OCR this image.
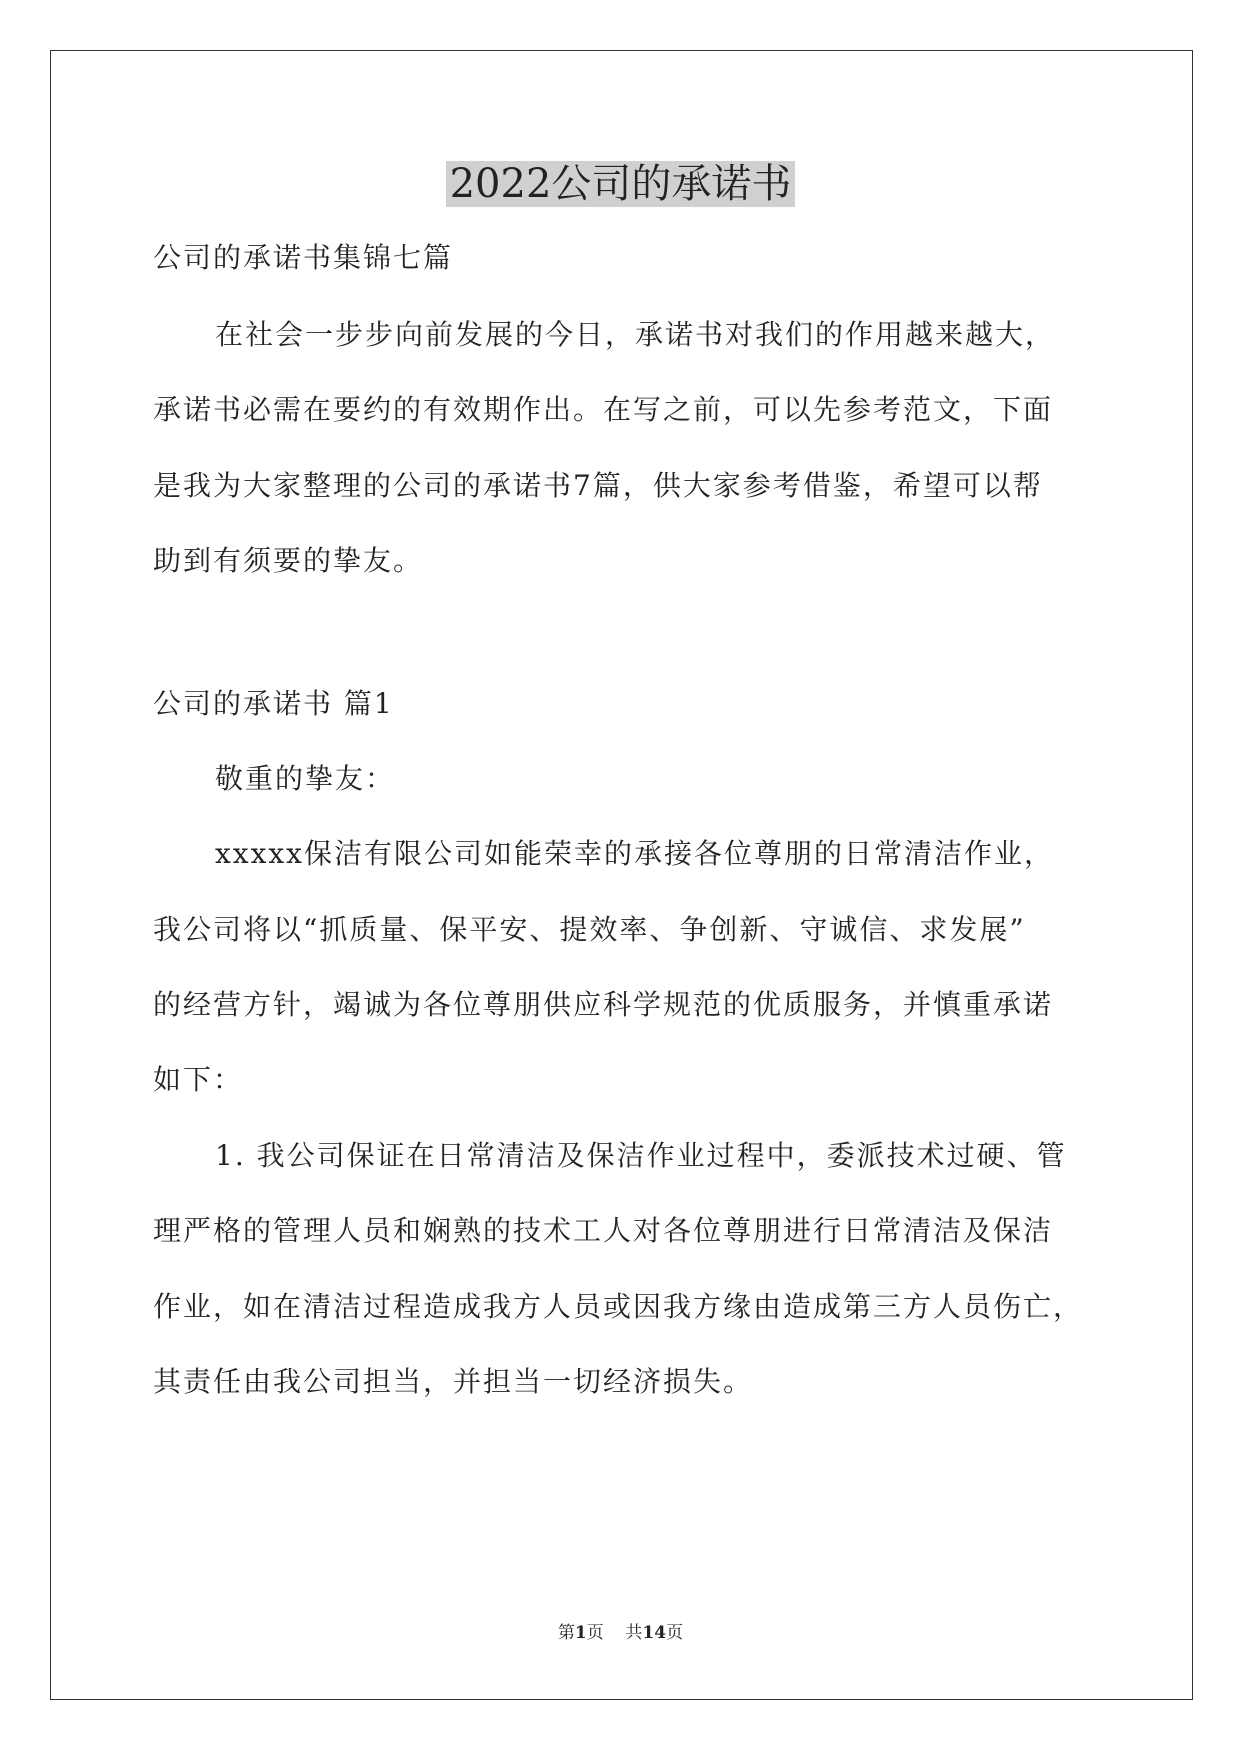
2022公司的承诺书
公司的承诺书集锦七篇
在社会一步步向前发展的今日，承诺书对我们的作用越来越大，
承诺书必需在要约的有效期作出。在写之前，可以先参考范文，下面
是我为大家整理的公司的承诺书7篇，供大家参考借鉴，希望可以帮
助到有须要的挚友。
公司的承诺书 篇1
敬重的挚友：
xxxxx保洁有限公司如能荣幸的承接各位尊朋的日常清洁作业，
我公司将以“抓质量、保平安、提效率、争创新、守诚信、求发展”
的经营方针，竭诚为各位尊朋供应科学规范的优质服务，并慎重承诺
如下：
1. 我公司保证在日常清洁及保洁作业过程中，委派技术过硬、管
理严格的管理人员和娴熟的技术工人对各位尊朋进行日常清洁及保洁
作业，如在清洁过程造成我方人员或因我方缘由造成第三方人员伤亡，
其责任由我公司担当，并担当一切经济损失。
第1页 共14页
